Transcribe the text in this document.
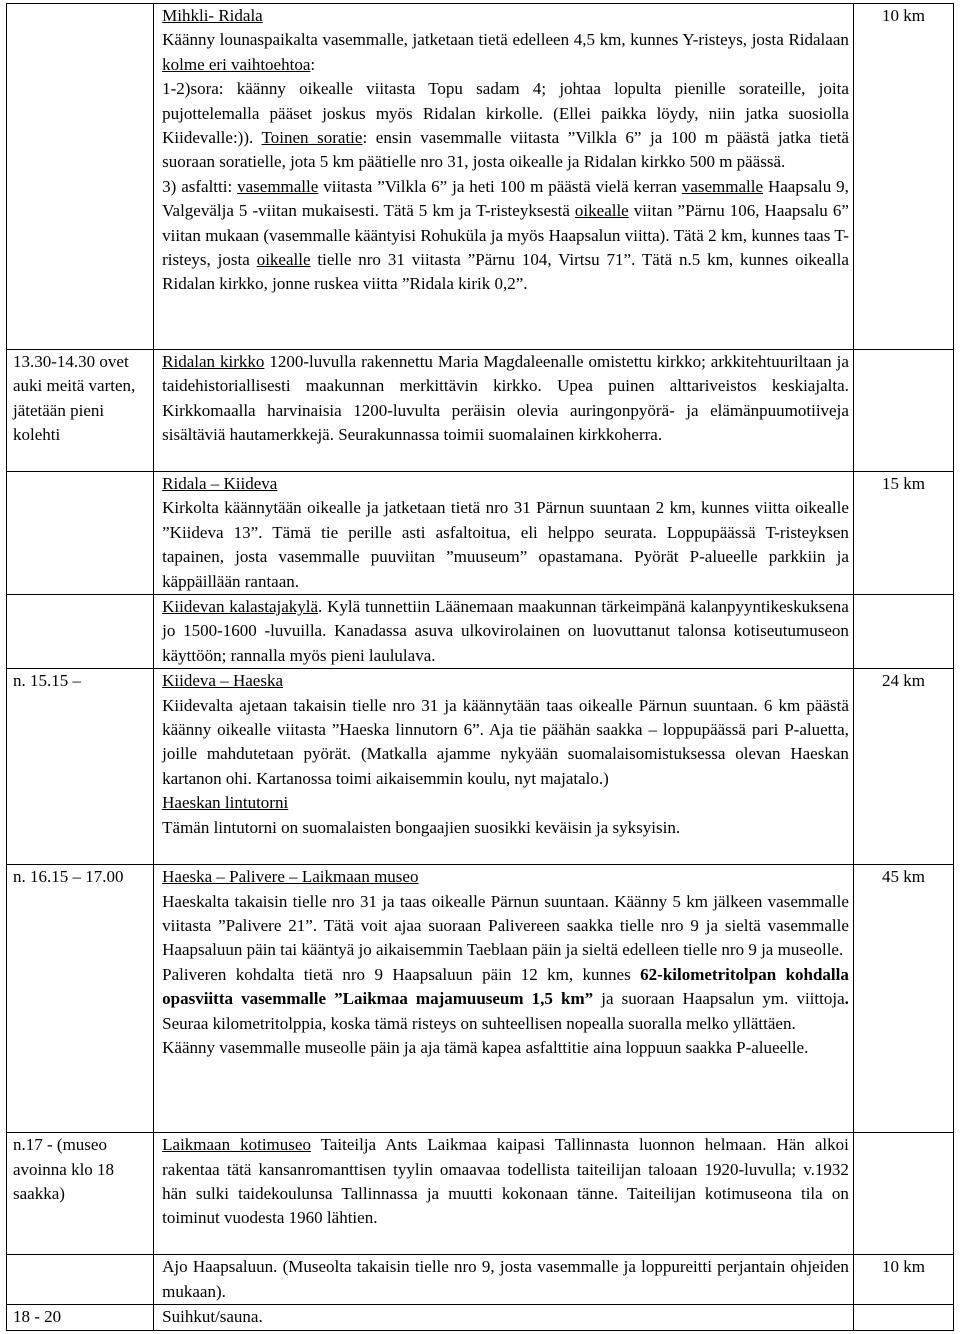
	Mihkli- Ridala

Käänny lounaspaikalta vasemmalle, jatketaan tietä edelleen 4,5 km, kunnes Y-risteys, josta Ridalaan kolme eri vaihtoehtoa:

1-2)sora: käänny oikealle viitasta Topu sadam 4; johtaa lopulta pienille sorateille, joita pujottelemalla pääset joskus myös Ridalan kirkolle. (Ellei paikka löydy, niin jatka suosiolla Kiidevalle:)). Toinen soratie: ensin vasemmalle viitasta ”Vilkla 6” ja 100 m päästä jatka tietä suoraan soratielle, jota 5 km päätielle nro 31, josta oikealle ja Ridalan kirkko 500 m päässä.

3) asfaltti: vasemmalle viitasta ”Vilkla 6” ja heti 100 m päästä vielä kerran vasemmalle Haapsalu 9, Valgevälja 5 -viitan mukaisesti. Tätä 5 km ja T-risteyksestä oikealle viitan ”Pärnu 106, Haapsalu 6” viitan mukaan (vasemmalle kääntyisi Rohuküla ja myös Haapsalun viitta). Tätä 2 km, kunnes taas T-risteys, josta oikealle tielle nro 31 viitasta ”Pärnu 104, Virtsu 71”. Tätä n.5 km, kunnes oikealla Ridalan kirkko, jonne ruskea viitta ”Ridala kirik 0,2”.	10 km
13.30-14.30 ovet auki meitä varten, jätetään pieni kolehti	Ridalan kirkko 1200-luvulla rakennettu Maria Magdaleenalle omistettu kirkko; arkkitehtuuriltaan ja taidehistoriallisesti maakunnan merkittävin kirkko. Upea puinen alttariveistos keskiajalta. Kirkkomaalla harvinaisia 1200-luvulta peräisin olevia auringonpyörä- ja elämänpuumotiiveja sisältäviä hautamerkkejä. Seurakunnassa toimii suomalainen kirkkoherra.	

	Ridala – Kiideva

Kirkolta käännytään oikealle ja jatketaan tietä nro 31 Pärnun suuntaan 2 km, kunnes viitta oikealle ”Kiideva 13”. Tämä tie perille asti asfaltoitua, eli helppo seurata. Loppupäässä T-risteyksen tapainen, josta vasemmalle puuviitan ”muuseum” opastamana. Pyörät P-alueelle parkkiin ja käppäillään rantaan.	15 km

	Kiidevan kalastajakylä. Kylä tunnettiin Läänemaan maakunnan tärkeimpänä kalanpyyntikeskuksena jo 1500-1600 -luvuilla. Kanadassa asuva ulkovirolainen on luovuttanut talonsa kotiseutumuseon käyttöön; rannalla myös pieni laululava.	

n. 15.15 –	Kiideva – Haeska

Kiidevalta ajetaan takaisin tielle nro 31 ja käännytään taas oikealle Pärnun suuntaan. 6 km päästä käänny oikealle viitasta ”Haeska linnutorn 6”. Aja tie päähän saakka – loppupäässä pari P-aluetta, joille mahdutetaan pyörät. (Matkalla ajamme nykyään suomalaisomistuksessa olevan Haeskan kartanon ohi. Kartanossa toimi aikaisemmin koulu, nyt majatalo.)

Haeskan lintutorni

Tämän lintutorni on suomalaisten bongaajien suosikki keväisin ja syksyisin.	24 km
n. 16.15 – 17.00	Haeska – Palivere – Laikmaan museo

Haeskalta takaisin tielle nro 31 ja taas oikealle Pärnun suuntaan. Käänny 5 km jälkeen vasemmalle viitasta ”Palivere 21”. Tätä voit ajaa suoraan Palivereen saakka tielle nro 9 ja sieltä vasemmalle Haapsaluun päin tai kääntyä jo aikaisemmin Taeblaan päin ja sieltä edelleen tielle nro 9 ja museolle.

Paliveren kohdalta tietä nro 9 Haapsaluun päin 12 km, kunnes 62-kilometritolpan kohdalla opasviitta vasemmalle ”Laikmaa majamuuseum 1,5 km” ja suoraan Haapsalun ym. viittoja. Seuraa kilometritolppia, koska tämä risteys on suhteellisen nopealla suoralla melko yllättäen.

Käänny vasemmalle museolle päin ja aja tämä kapea asfalttitie aina loppuun saakka P-alueelle.	45 km
n.17 - (museo avoinna klo 18 saakka)	Laikmaan kotimuseo Taiteilja Ants Laikmaa kaipasi Tallinnasta luonnon helmaan. Hän alkoi rakentaa tätä kansanromanttisen tyylin omaavaa todellista taiteilijan taloaan 1920-luvulla; v.1932 hän sulki taidekoulunsa Tallinnassa ja muutti kokonaan tänne. Taiteilijan kotimuseona tila on toiminut vuodesta 1960 lähtien.	

	Ajo Haapsaluun. (Museolta takaisin tielle nro 9, josta vasemmalle ja loppureitti perjantain ohjeiden mukaan).	10 km
18 - 20	Suihkut/sauna.	
